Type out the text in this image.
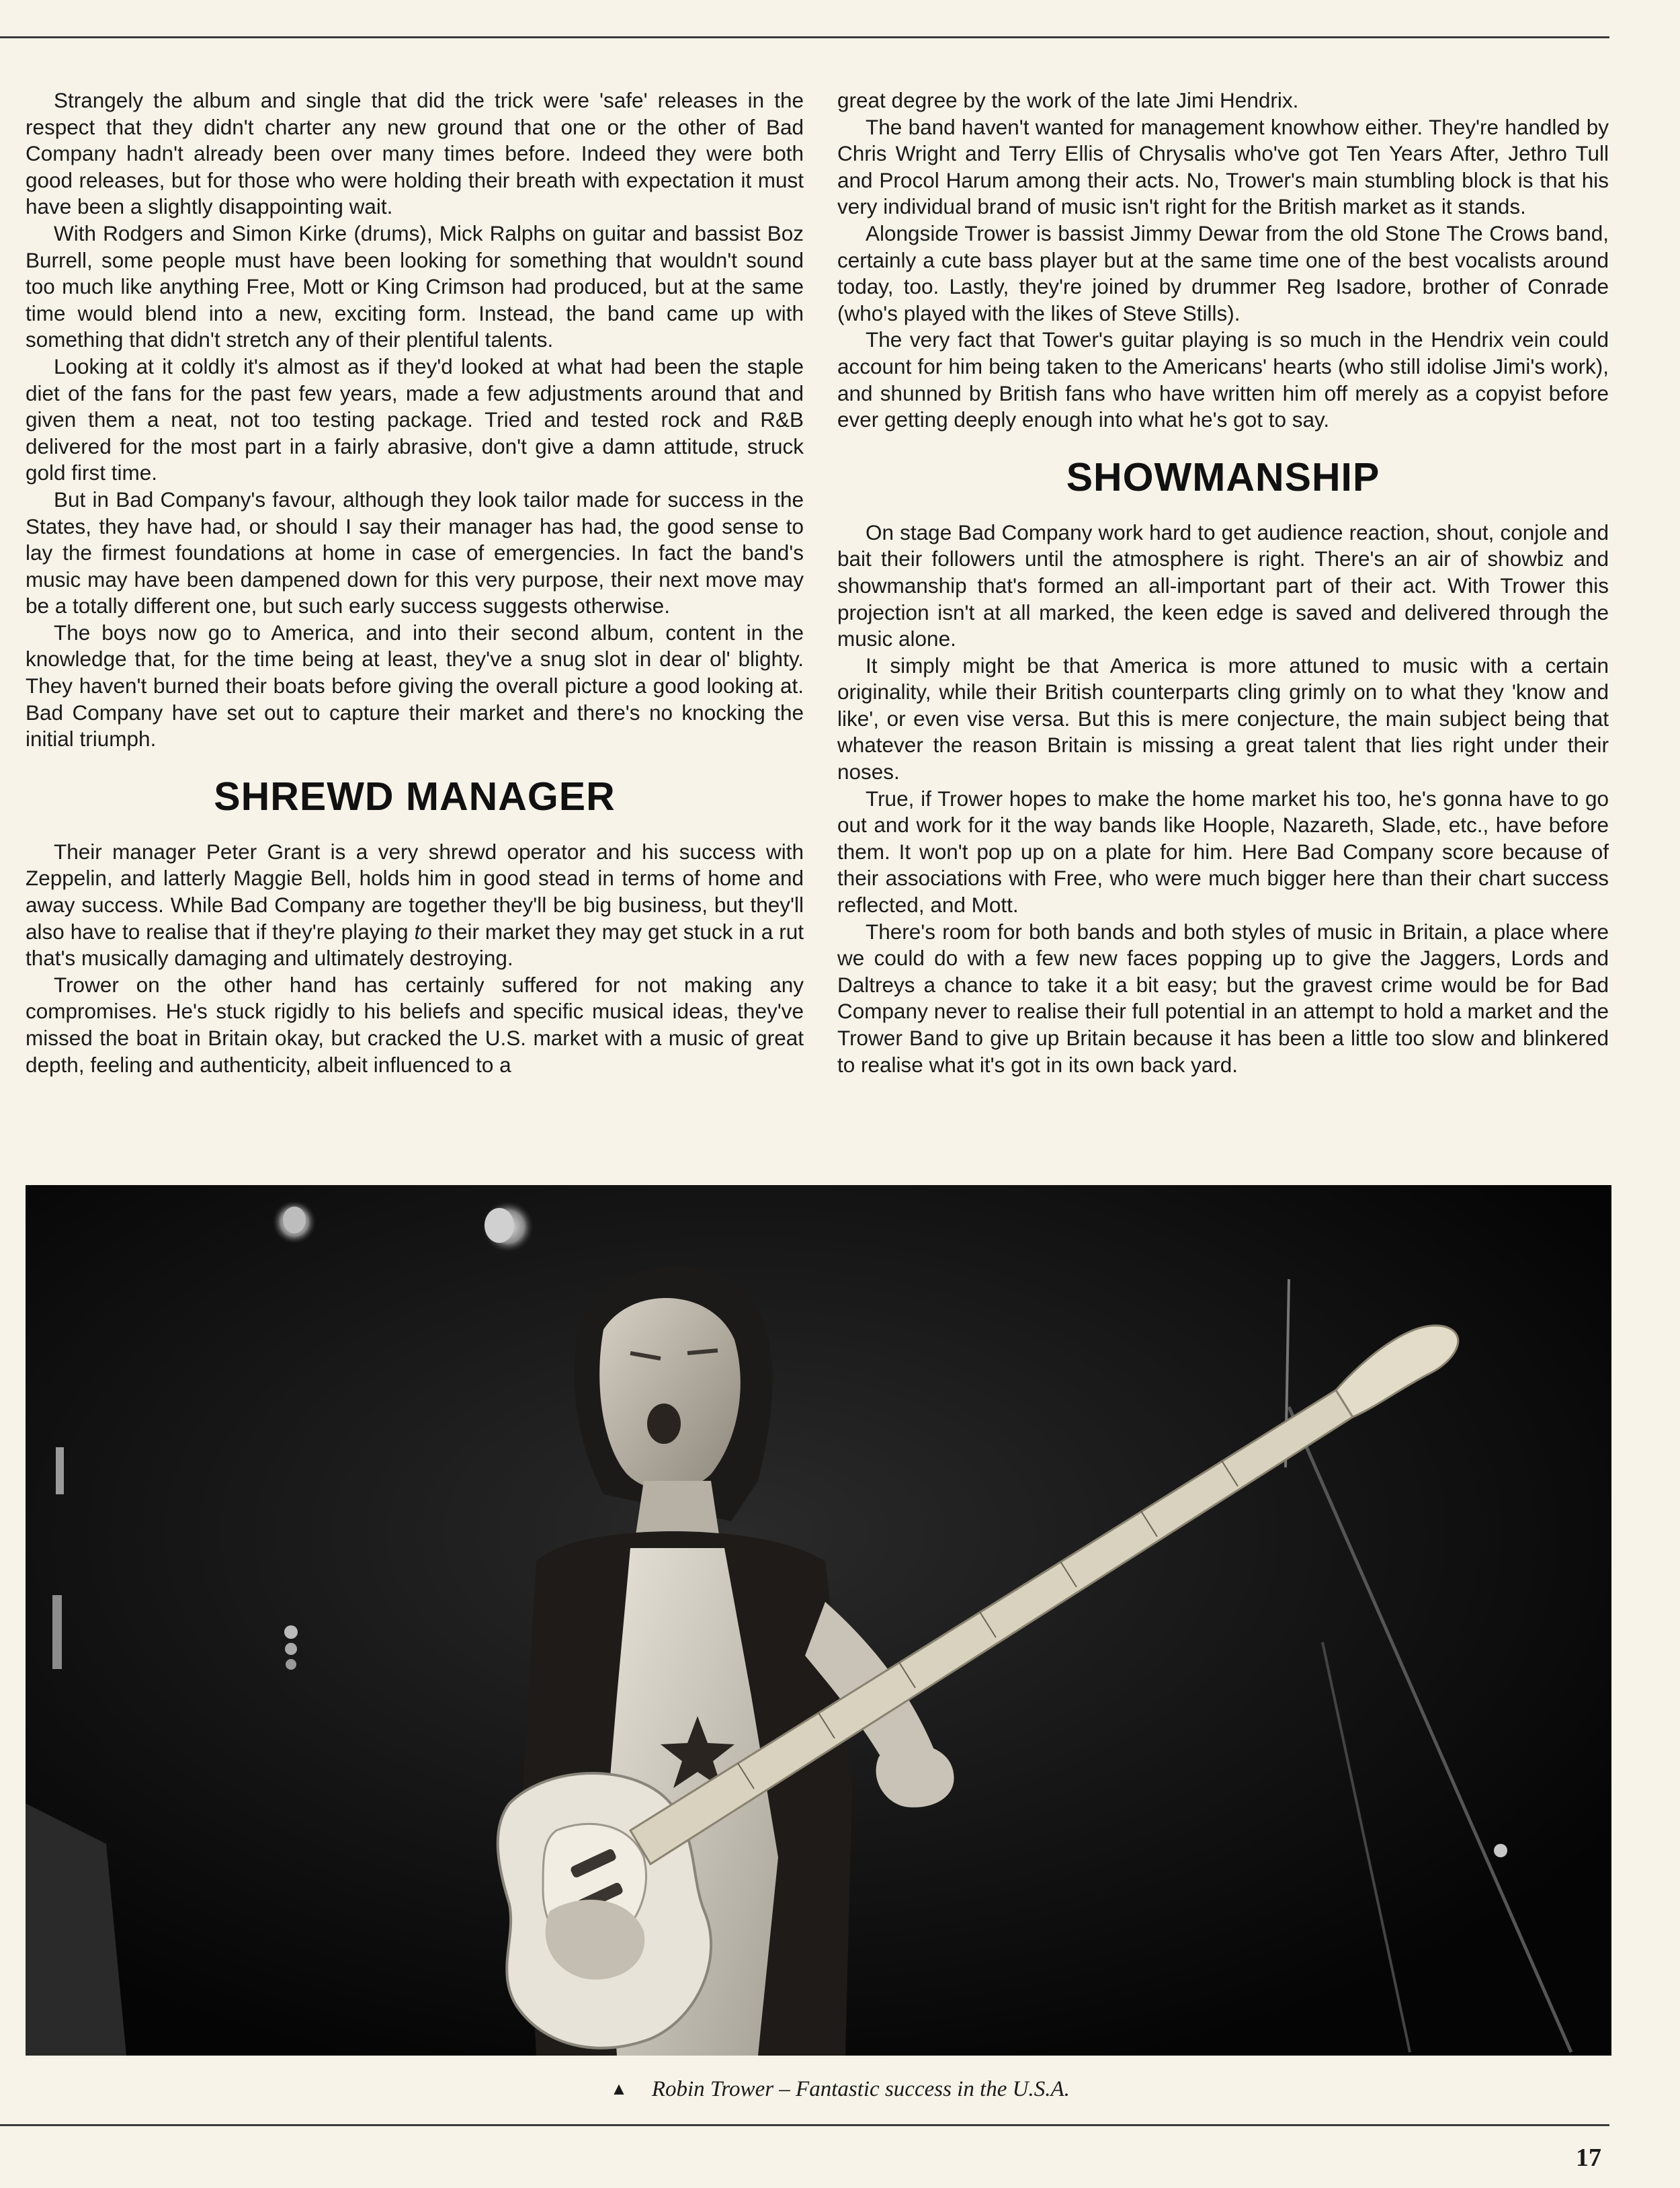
Strangely the album and single that did the trick were 'safe' releases in the respect that they didn't charter any new ground that one or the other of Bad Company hadn't already been over many times before. Indeed they were both good releases, but for those who were holding their breath with expectation it must have been a slightly disappointing wait.

With Rodgers and Simon Kirke (drums), Mick Ralphs on guitar and bassist Boz Burrell, some people must have been looking for something that wouldn't sound too much like anything Free, Mott or King Crimson had produced, but at the same time would blend into a new, exciting form. Instead, the band came up with something that didn't stretch any of their plentiful talents.

Looking at it coldly it's almost as if they'd looked at what had been the staple diet of the fans for the past few years, made a few adjustments around that and given them a neat, not too testing package. Tried and tested rock and R&B delivered for the most part in a fairly abrasive, don't give a damn attitude, struck gold first time.

But in Bad Company's favour, although they look tailor made for success in the States, they have had, or should I say their manager has had, the good sense to lay the firmest foundations at home in case of emergencies. In fact the band's music may have been dampened down for this very purpose, their next move may be a totally different one, but such early success suggests otherwise.

The boys now go to America, and into their second album, content in the knowledge that, for the time being at least, they've a snug slot in dear ol' blighty. They haven't burned their boats before giving the overall picture a good looking at. Bad Company have set out to capture their market and there's no knocking the initial triumph.

SHREWD MANAGER

Their manager Peter Grant is a very shrewd operator and his success with Zeppelin, and latterly Maggie Bell, holds him in good stead in terms of home and away success. While Bad Company are together they'll be big business, but they'll also have to realise that if they're playing to their market they may get stuck in a rut that's musically damaging and ultimately destroying.

Trower on the other hand has certainly suffered for not making any compromises. He's stuck rigidly to his beliefs and specific musical ideas, they've missed the boat in Britain okay, but cracked the U.S. market with a music of great depth, feeling and authenticity, albeit influenced to a

great degree by the work of the late Jimi Hendrix.

The band haven't wanted for management knowhow either. They're handled by Chris Wright and Terry Ellis of Chrysalis who've got Ten Years After, Jethro Tull and Procol Harum among their acts. No, Trower's main stumbling block is that his very individual brand of music isn't right for the British market as it stands.

Alongside Trower is bassist Jimmy Dewar from the old Stone The Crows band, certainly a cute bass player but at the same time one of the best vocalists around today, too. Lastly, they're joined by drummer Reg Isadore, brother of Conrade (who's played with the likes of Steve Stills).

The very fact that Tower's guitar playing is so much in the Hendrix vein could account for him being taken to the Americans' hearts (who still idolise Jimi's work), and shunned by British fans who have written him off merely as a copyist before ever getting deeply enough into what he's got to say.

SHOWMANSHIP

On stage Bad Company work hard to get audience reaction, shout, conjole and bait their followers until the atmosphere is right. There's an air of showbiz and showmanship that's formed an all-important part of their act. With Trower this projection isn't at all marked, the keen edge is saved and delivered through the music alone.

It simply might be that America is more attuned to music with a certain originality, while their British counterparts cling grimly on to what they 'know and like', or even vise versa. But this is mere conjecture, the main subject being that whatever the reason Britain is missing a great talent that lies right under their noses.

True, if Trower hopes to make the home market his too, he's gonna have to go out and work for it the way bands like Hoople, Nazareth, Slade, etc., have before them. It won't pop up on a plate for him. Here Bad Company score because of their associations with Free, who were much bigger here than their chart success reflected, and Mott.

There's room for both bands and both styles of music in Britain, a place where we could do with a few new faces popping up to give the Jaggers, Lords and Daltreys a chance to take it a bit easy; but the gravest crime would be for Bad Company never to realise their full potential in an attempt to hold a market and the Trower Band to give up Britain because it has been a little too slow and blinkered to realise what it's got in its own back yard.

▲ Robin Trower – Fantastic success in the U.S.A.
17
